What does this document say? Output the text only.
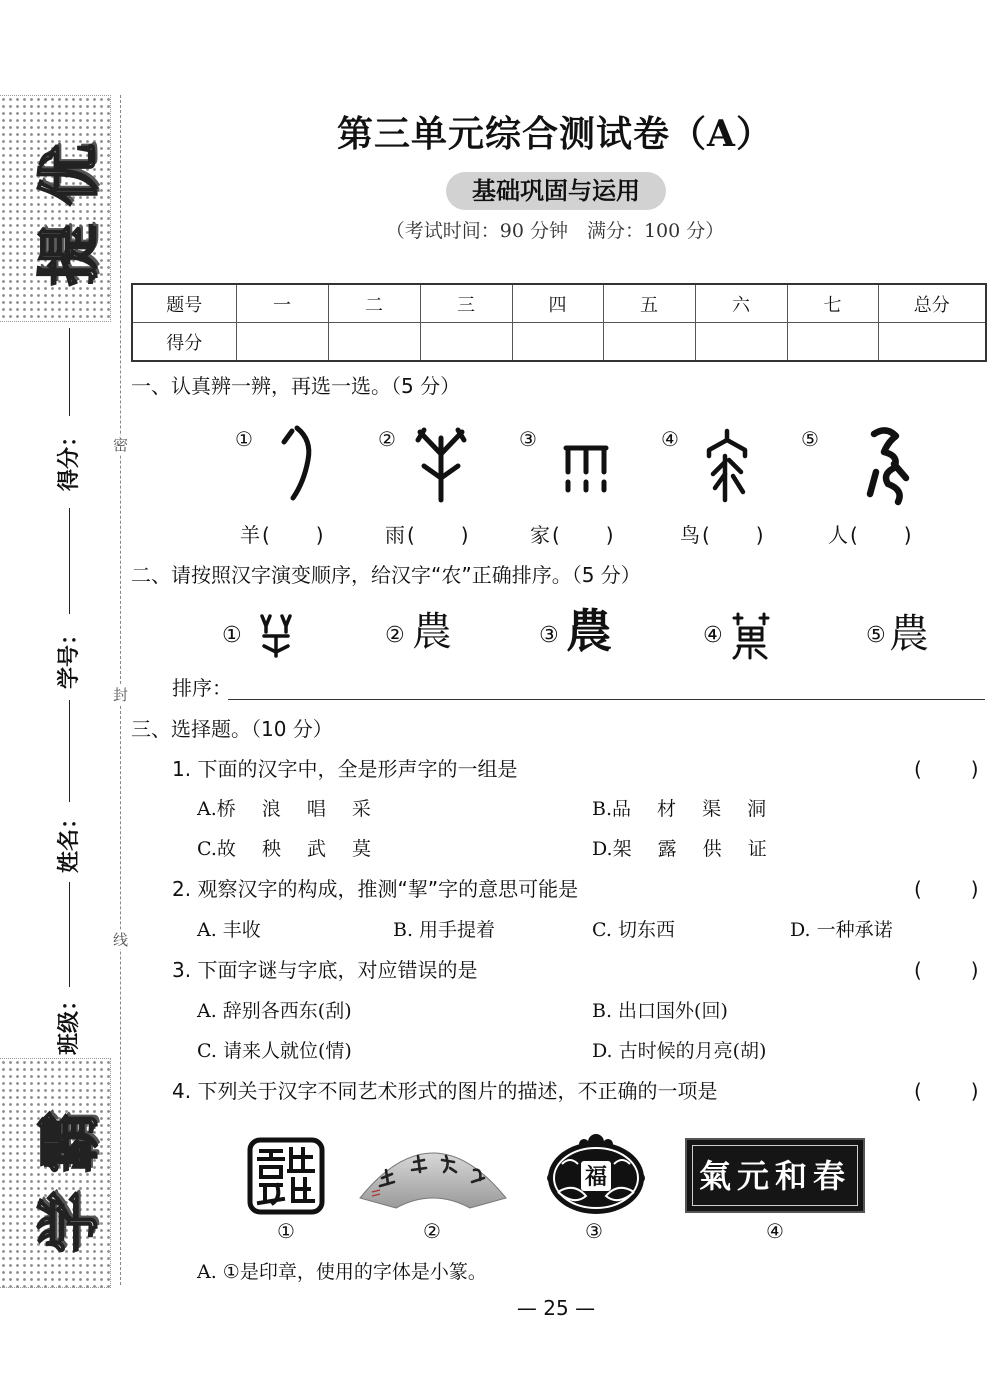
提优
学霸
得分：
学号：
姓名：
班级：
密
封
线
第三单元综合测试卷（A）
基础巩固与运用
（考试时间：90 分钟　满分：100 分）
题号	一	二	三	四	五	六	七	总分
得分								
一、认真辨一辨，再选一选。（5 分）
①	②	③	④	⑤
羊(　　)	雨(　　)	家(　　)	鸟(　　)	人(　　)
二、请按照汉字演变顺序，给汉字“农”正确排序。（5 分）
①	② 農	③ 農	④	⑤ 農
排序：
三、选择题。（10 分）
1. 下面的汉字中，全是形声字的一组是	(　　)
A.桥 浪 唱 采	B.品 材 渠 洞
C.故 秧 武 莫	D.架 露 供 证
2. 观察汉字的构成，推测“挈”字的意思可能是	(　　)
A. 丰收	B. 用手提着	C. 切东西	D. 一种承诺
3. 下面字谜与字底，对应错误的是	(　　)
A. 辞别各西东(刮)	B. 出口国外(回)
C. 请来人就位(情)	D. 古时候的月亮(胡)
4. 下列关于汉字不同艺术形式的图片的描述，不正确的一项是	(　　)
福	氣元和春
①	②	③	④
A. ①是印章，使用的字体是小篆。
— 25 —
